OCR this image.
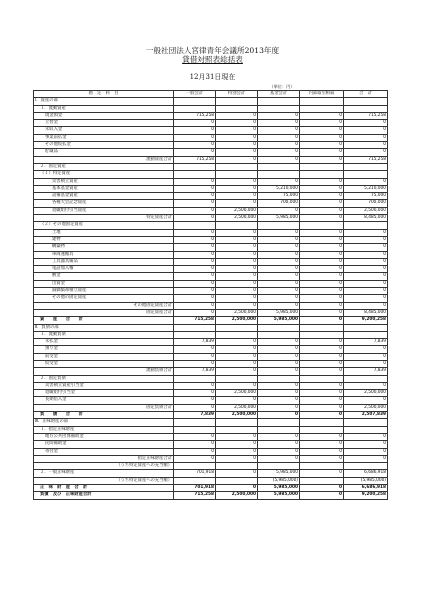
一般社団法人宮律青年会議所2013年度
貸借対照表総括表
12月31日現在
（単位：円）
勘　定　科　目	一般会計	特別会計	基金会計	内部取引相殺	合　計
Ⅰ．資産の部					
１．流動資産					
現金預金	715,258	0	0	0	715,258
立替金	0	0	0	0	0
未収入金	0	0	0	0	0
事業前払金	0	0	0	0	0
その他仮払金	0	0	0	0	0
貯蔵品	0	0	0	0	0
流動資産合計	715,258	0	0	0	715,258
２．固定資産					
（１）特定資産					
災害積立資産	0	0	0	0	0
基本基金資産	0	0	5,210,000	0	5,210,000
設備基金資産	0	0	75,000	0	75,000
各種大会記念資産	0	0	700,000	0	700,000
退職給付引当資産	0	2,500,000	0	0	2,500,000
特定資産合計	0	2,500,000	5,985,000	0	8,485,000
（２）その他固定資産					
土地	0	0	0	0	0
建物	0	0	0	0	0
構築物	0	0	0	0	0
車両運搬具	0	0	0	0	0
工具器具備品	0	0	0	0	0
電話加入権	0	0	0	0	0
敷金	0	0	0	0	0
出資金	0	0	0	0	0
減価償却積立資産	0	0	0	0	0
その他の固定資産	0	0	0	0	0
その他固定資産合計	0	0	0	0	0
固定資産合計	0	2,500,000	5,985,000	0	8,485,000
資　　産　　合　　計	715,258	2,500,000	5,985,000	0	9,200,258
Ⅱ．負債の部					
１．流動負債					
未払金	7,839	0	0	0	7,839
預り金	0	0	0	0	0
前受金	0	0	0	0	0
仮受金	0	0	0	0	0
流動負債合計	7,839	0	0	0	7,839
２．固定負債					
災害積立資産引当金	0	0	0	0	0
退職給付引当金	0	2,500,000	0	0	2,500,000
長期借入金	0	0	0	0	0
固定負債合計	0	2,500,000	0	0	2,500,000
負　　債　　合　　計	7,839	2,500,000	0	0	2,507,839
Ⅲ．正味財産の部					
１．指定正味財産					
地方公共団体補助金	0	0	0	0	0
民間補助金	0	0	0	0	0
寄付金	0	0	0	0	0
指定正味財産合計	0	0	0	0	0
（うち特定資産への充当額）					
２．一般正味財産	701,918	0	5,985,000	0	6,686,918
（うち特定資産への充当額）			(5,985,000)		(5,985,000)
正　味　財　産　合　計	701,918	0	5,985,000	0	6,686,918
負債　及び　正味財産合計	715,258	2,500,000	5,985,000	0	9,200,258
